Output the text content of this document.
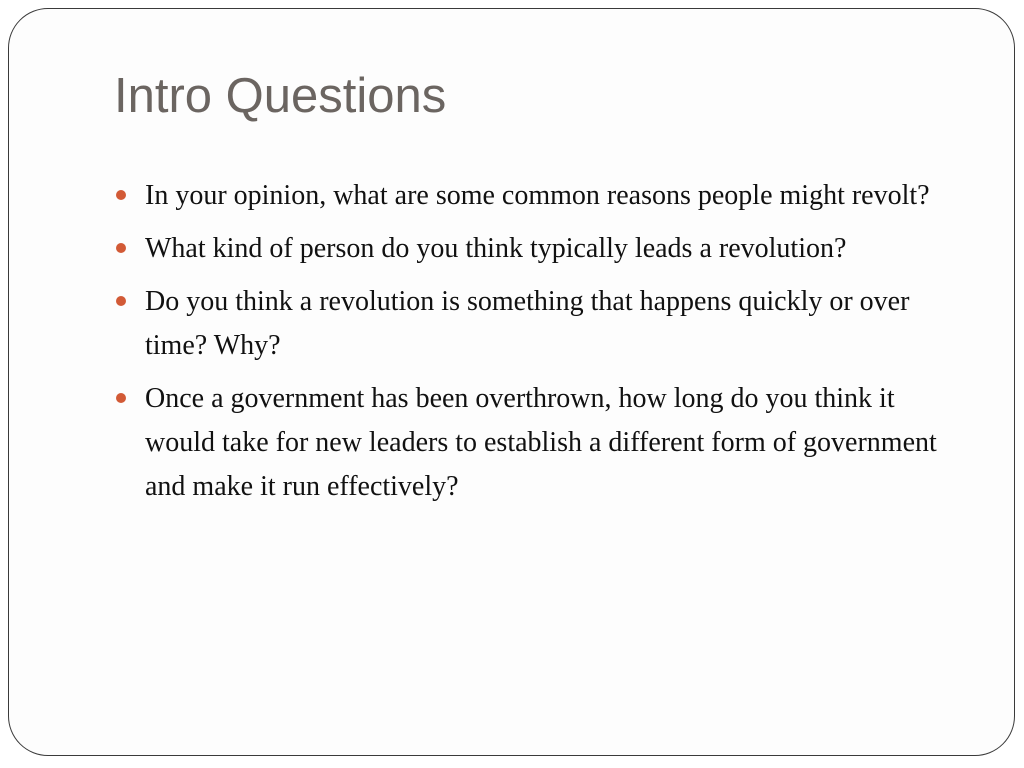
Intro Questions
In your opinion, what are some common reasons people might revolt?
What kind of person do you think typically leads a revolution?
Do you think a revolution is something that happens quickly or over time? Why?
Once a government has been overthrown, how long do you think it would take for new leaders to establish a different form of government and make it run effectively?
